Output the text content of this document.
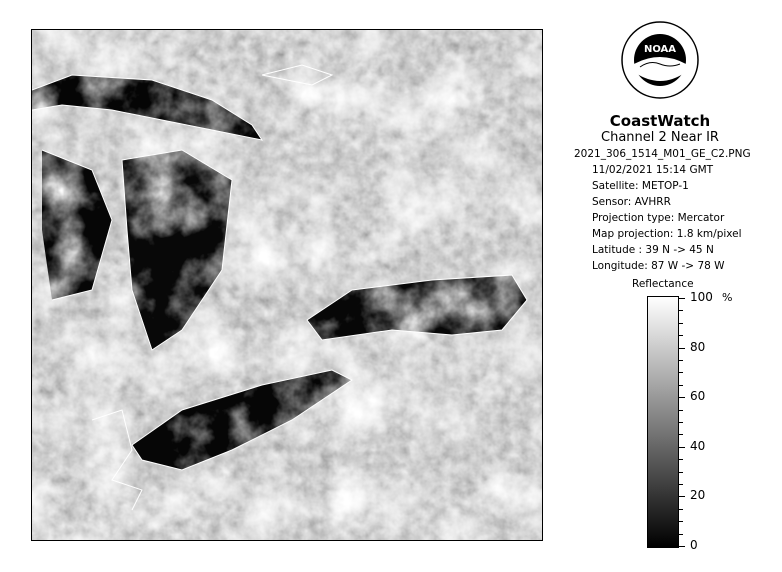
NOAA
CoastWatch
Channel 2 Near IR
2021_306_1514_M01_GE_C2.PNG
11/02/2021 15:14 GMT
Satellite: METOP-1
Sensor: AVHRR
Projection type: Mercator
Map projection: 1.8 km/pixel
Latitude : 39 N -> 45 N
Longitude: 87 W -> 78 W
Reflectance
%
100
80
60
40
20
0
